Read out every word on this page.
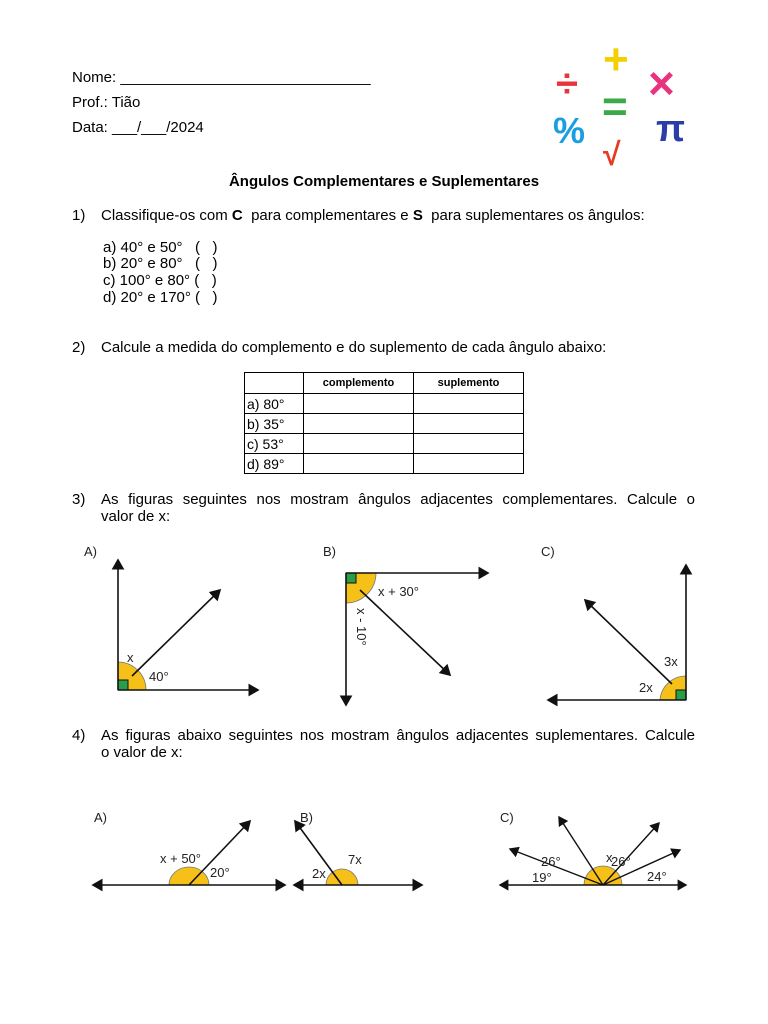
÷ + ×
=
% π
√
Nome: ______________________________
Prof.: Tião
Data: ___/___/2024
Ângulos Complementares e Suplementares
1) Classifique-os com C  para complementares e S  para suplementares os ângulos:
a) 40° e 50°   (   )
b) 20° e 80°   (   )
c) 100° e 80° (   )
d) 20° e 170° (   )
2) Calcule a medida do complemento e do suplemento de cada ângulo abaixo:
	complemento	suplemento
a) 80°		
b) 35°		
c) 53°		
d) 89°		
3) As figuras seguintes nos mostram ângulos adjacentes complementares. Calcule o
valor de x:
A)
x
40°
B)
x + 30°
x - 10°
C)
3x
2x
A)
x + 50°
20°
B)
2x
7x
C)
26°	x
26°
19°	24°
4) As figuras abaixo seguintes nos mostram ângulos adjacentes suplementares. Calcule
o valor de x:
